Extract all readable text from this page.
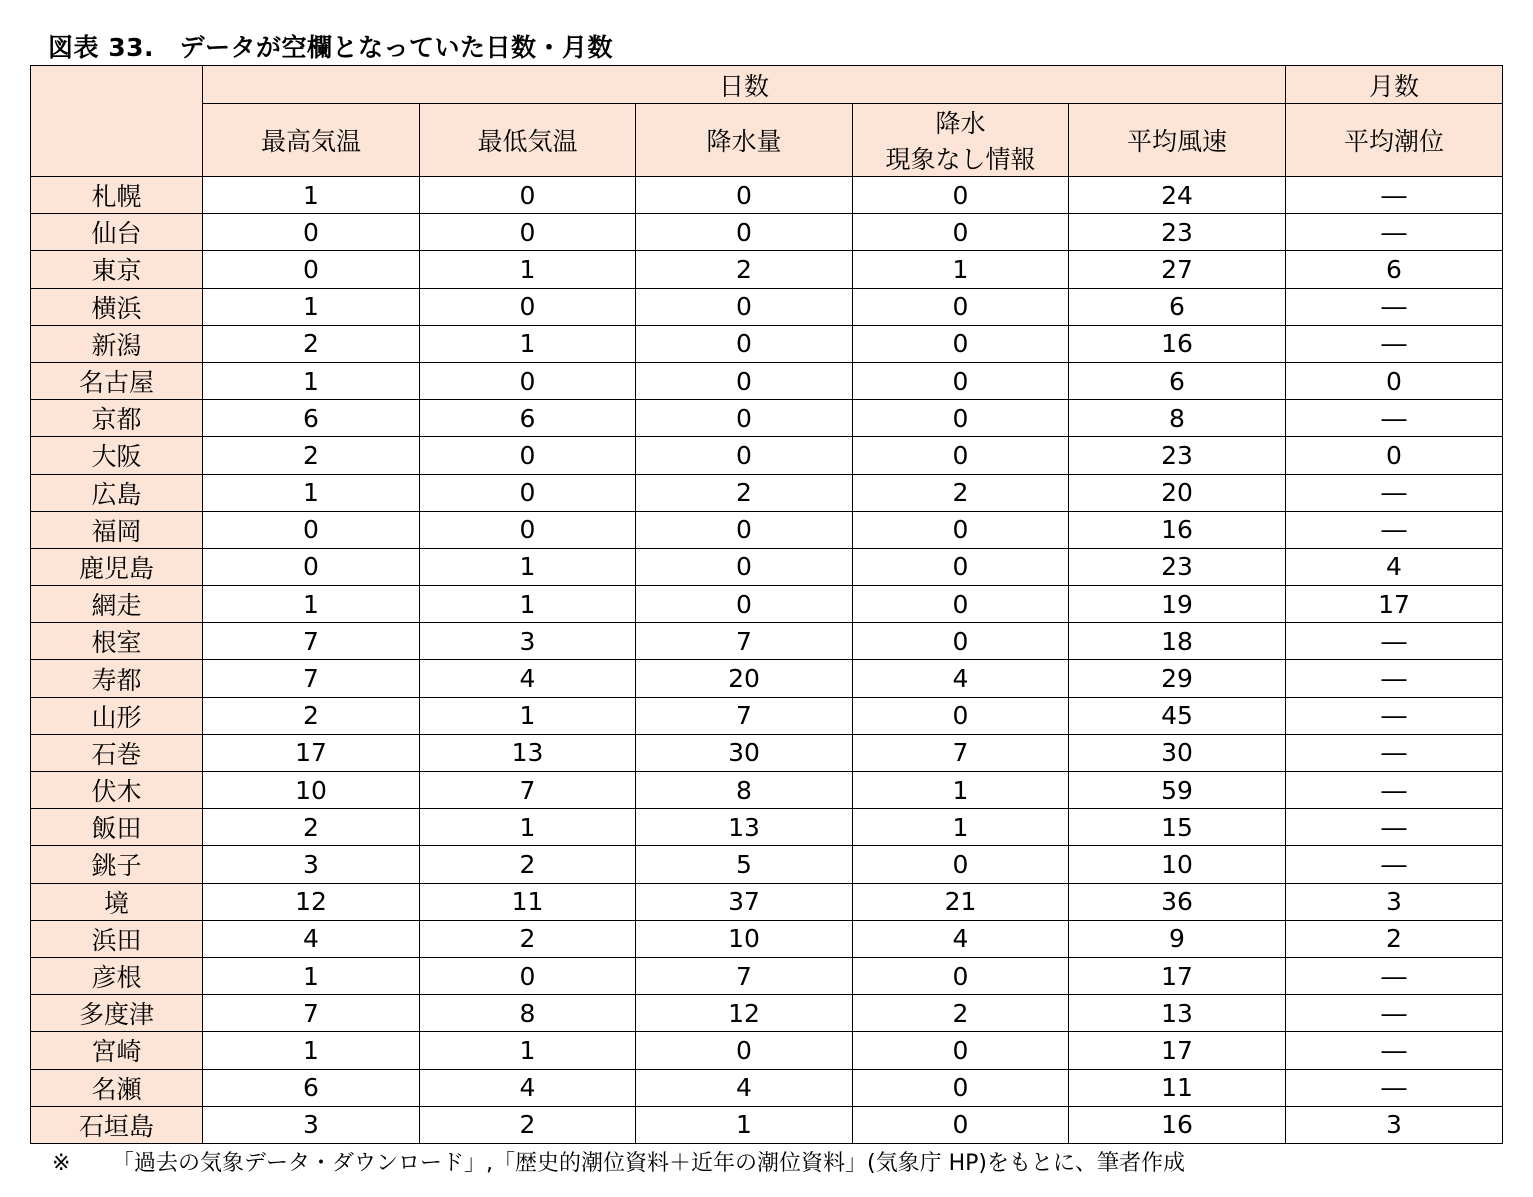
図表 33.　データが空欄となっていた日数・月数
	日数					月数
	最高気温	最低気温	降水量	降水
現象なし情報	平均風速	平均潮位
札幌	1	0	0	0	24	―
仙台	0	0	0	0	23	―
東京	0	1	2	1	27	6
横浜	1	0	0	0	6	―
新潟	2	1	0	0	16	―
名古屋	1	0	0	0	6	0
京都	6	6	0	0	8	―
大阪	2	0	0	0	23	0
広島	1	0	2	2	20	―
福岡	0	0	0	0	16	―
鹿児島	0	1	0	0	23	4
網走	1	1	0	0	19	17
根室	7	3	7	0	18	―
寿都	7	4	20	4	29	―
山形	2	1	7	0	45	―
石巻	17	13	30	7	30	―
伏木	10	7	8	1	59	―
飯田	2	1	13	1	15	―
銚子	3	2	5	0	10	―
境	12	11	37	21	36	3
浜田	4	2	10	4	9	2
彦根	1	0	7	0	17	―
多度津	7	8	12	2	13	―
宮崎	1	1	0	0	17	―
名瀬	6	4	4	0	11	―
石垣島	3	2	1	0	16	3
※ 「過去の気象データ・ダウンロード」,「歴史的潮位資料＋近年の潮位資料」(気象庁 HP)をもとに、筆者作成
